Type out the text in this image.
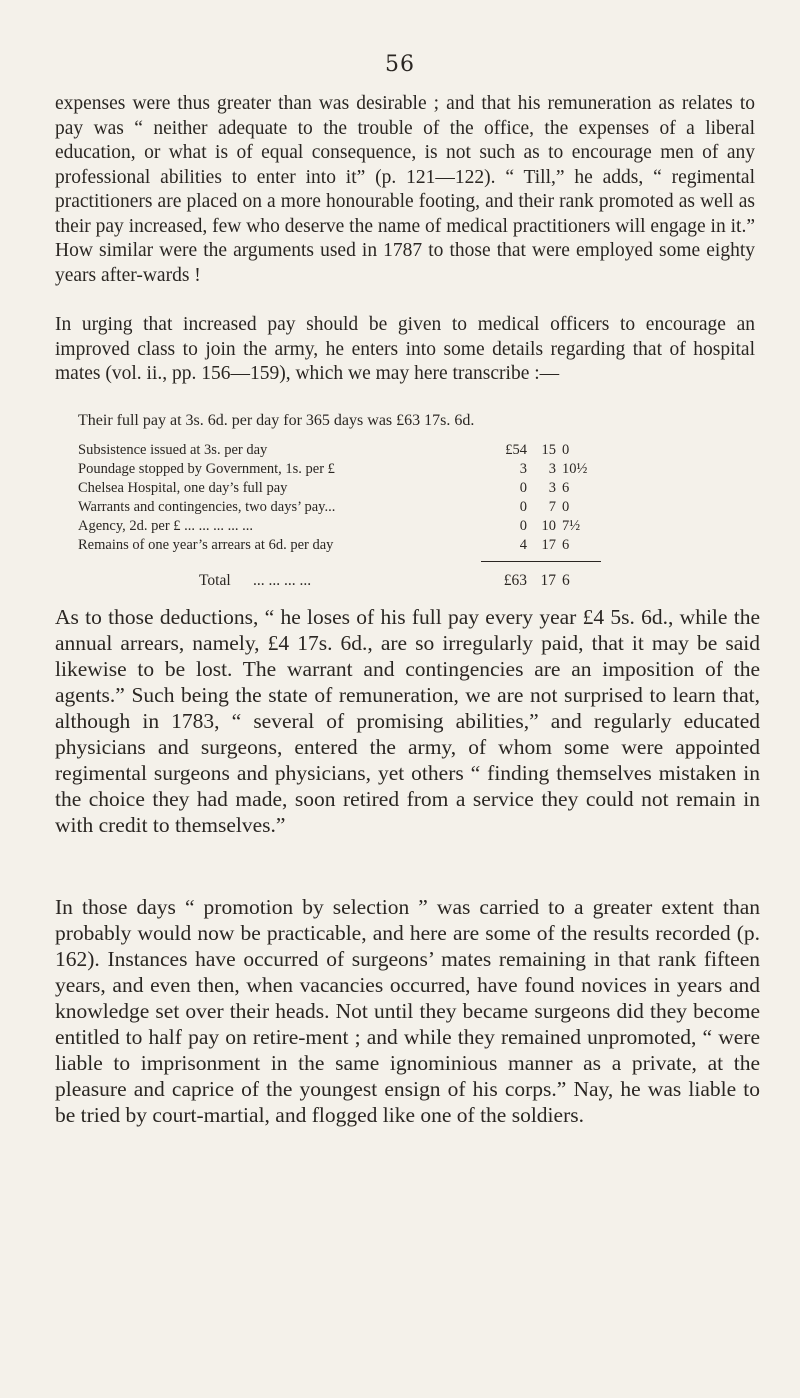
56

expenses were thus greater than was desirable ; and that his remuneration as relates to pay was “ neither adequate to the trouble of the office, the expenses of a liberal education, or what is of equal consequence, is not such as to encourage men of any professional abilities to enter into it” (p. 121—122). “ Till,” he adds, “ regimental practitioners are placed on a more honourable footing, and their rank promoted as well as their pay increased, few who deserve the name of medical practitioners will engage in it.” How similar were the arguments used in 1787 to those that were employed some eighty years after-wards !

In urging that increased pay should be given to medical officers to encourage an improved class to join the army, he enters into some details regarding that of hospital mates (vol. ii., pp. 156—159), which we may here transcribe :—

Their full pay at 3s. 6d. per day for 365 days was £63 17s. 6d.
Subsistence issued at 3s. per day	£54	15 0
Poundage stopped by Government, 1s. per £	3	3 10½
Chelsea Hospital, one day’s full pay	0	3 6
Warrants and contingencies, two days’ pay...	0	7 0
Agency, 2d. per £ ... ... ... ... ...	0	10 7½
Remains of one year’s arrears at 6d. per day	4	17 6
Total ... ... ... ...	£63 17 6

As to those deductions, “ he loses of his full pay every year £4 5s. 6d., while the annual arrears, namely, £4 17s. 6d., are so irregularly paid, that it may be said likewise to be lost. The warrant and contingencies are an imposition of the agents.” Such being the state of remuneration, we are not surprised to learn that, although in 1783, “ several of promising abilities,” and regularly educated physicians and surgeons, entered the army, of whom some were appointed regimental surgeons and physicians, yet others “ finding themselves mistaken in the choice they had made, soon retired from a service they could not remain in with credit to themselves.”

In those days “ promotion by selection ” was carried to a greater extent than probably would now be practicable, and here are some of the results recorded (p. 162). Instances have occurred of surgeons’ mates remaining in that rank fifteen years, and even then, when vacancies occurred, have found novices in years and knowledge set over their heads. Not until they became surgeons did they become entitled to half pay on retire-ment ; and while they remained unpromoted, “ were liable to imprisonment in the same ignominious manner as a private, at the pleasure and caprice of the youngest ensign of his corps.” Nay, he was liable to be tried by court-martial, and flogged like one of the soldiers.
